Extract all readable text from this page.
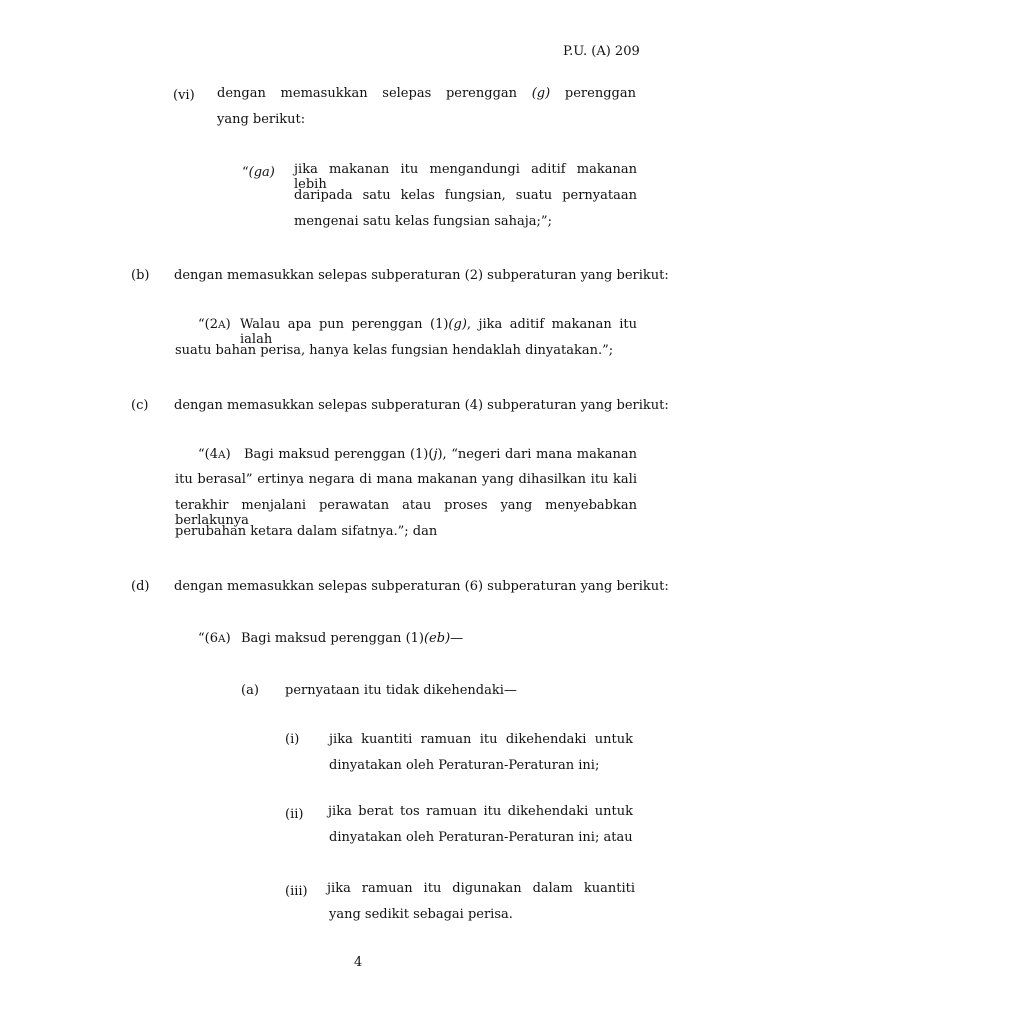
P.U. (A) 209
(vi) dengan memasukkan selepas perenggan (g) perenggan
yang berikut:
“(ga) jika makanan itu mengandungi aditif makanan lebih
daripada satu kelas fungsian, suatu pernyataan
mengenai satu kelas fungsian sahaja;”;
(b) dengan memasukkan selepas subperaturan (2) subperaturan yang berikut:
“(2A) Walau apa pun perenggan (1)(g), jika aditif makanan itu ialah
suatu bahan perisa, hanya kelas fungsian hendaklah dinyatakan.”;
(c) dengan memasukkan selepas subperaturan (4) subperaturan yang berikut:
“(4A) Bagi maksud perenggan (1)(j), “negeri dari mana makanan
itu berasal” ertinya negara di mana makanan yang dihasilkan itu kali
terakhir menjalani perawatan atau proses yang menyebabkan berlakunya
perubahan ketara dalam sifatnya.”; dan
(d) dengan memasukkan selepas subperaturan (6) subperaturan yang berikut:
“(6A) Bagi maksud perenggan (1)(eb)—
(a) pernyataan itu tidak dikehendaki—
(i) jika kuantiti ramuan itu dikehendaki untuk
dinyatakan oleh Peraturan-Peraturan ini;
(ii) jika berat tos ramuan itu dikehendaki untuk
dinyatakan oleh Peraturan-Peraturan ini; atau
(iii) jika ramuan itu digunakan dalam kuantiti
yang sedikit sebagai perisa.
4
